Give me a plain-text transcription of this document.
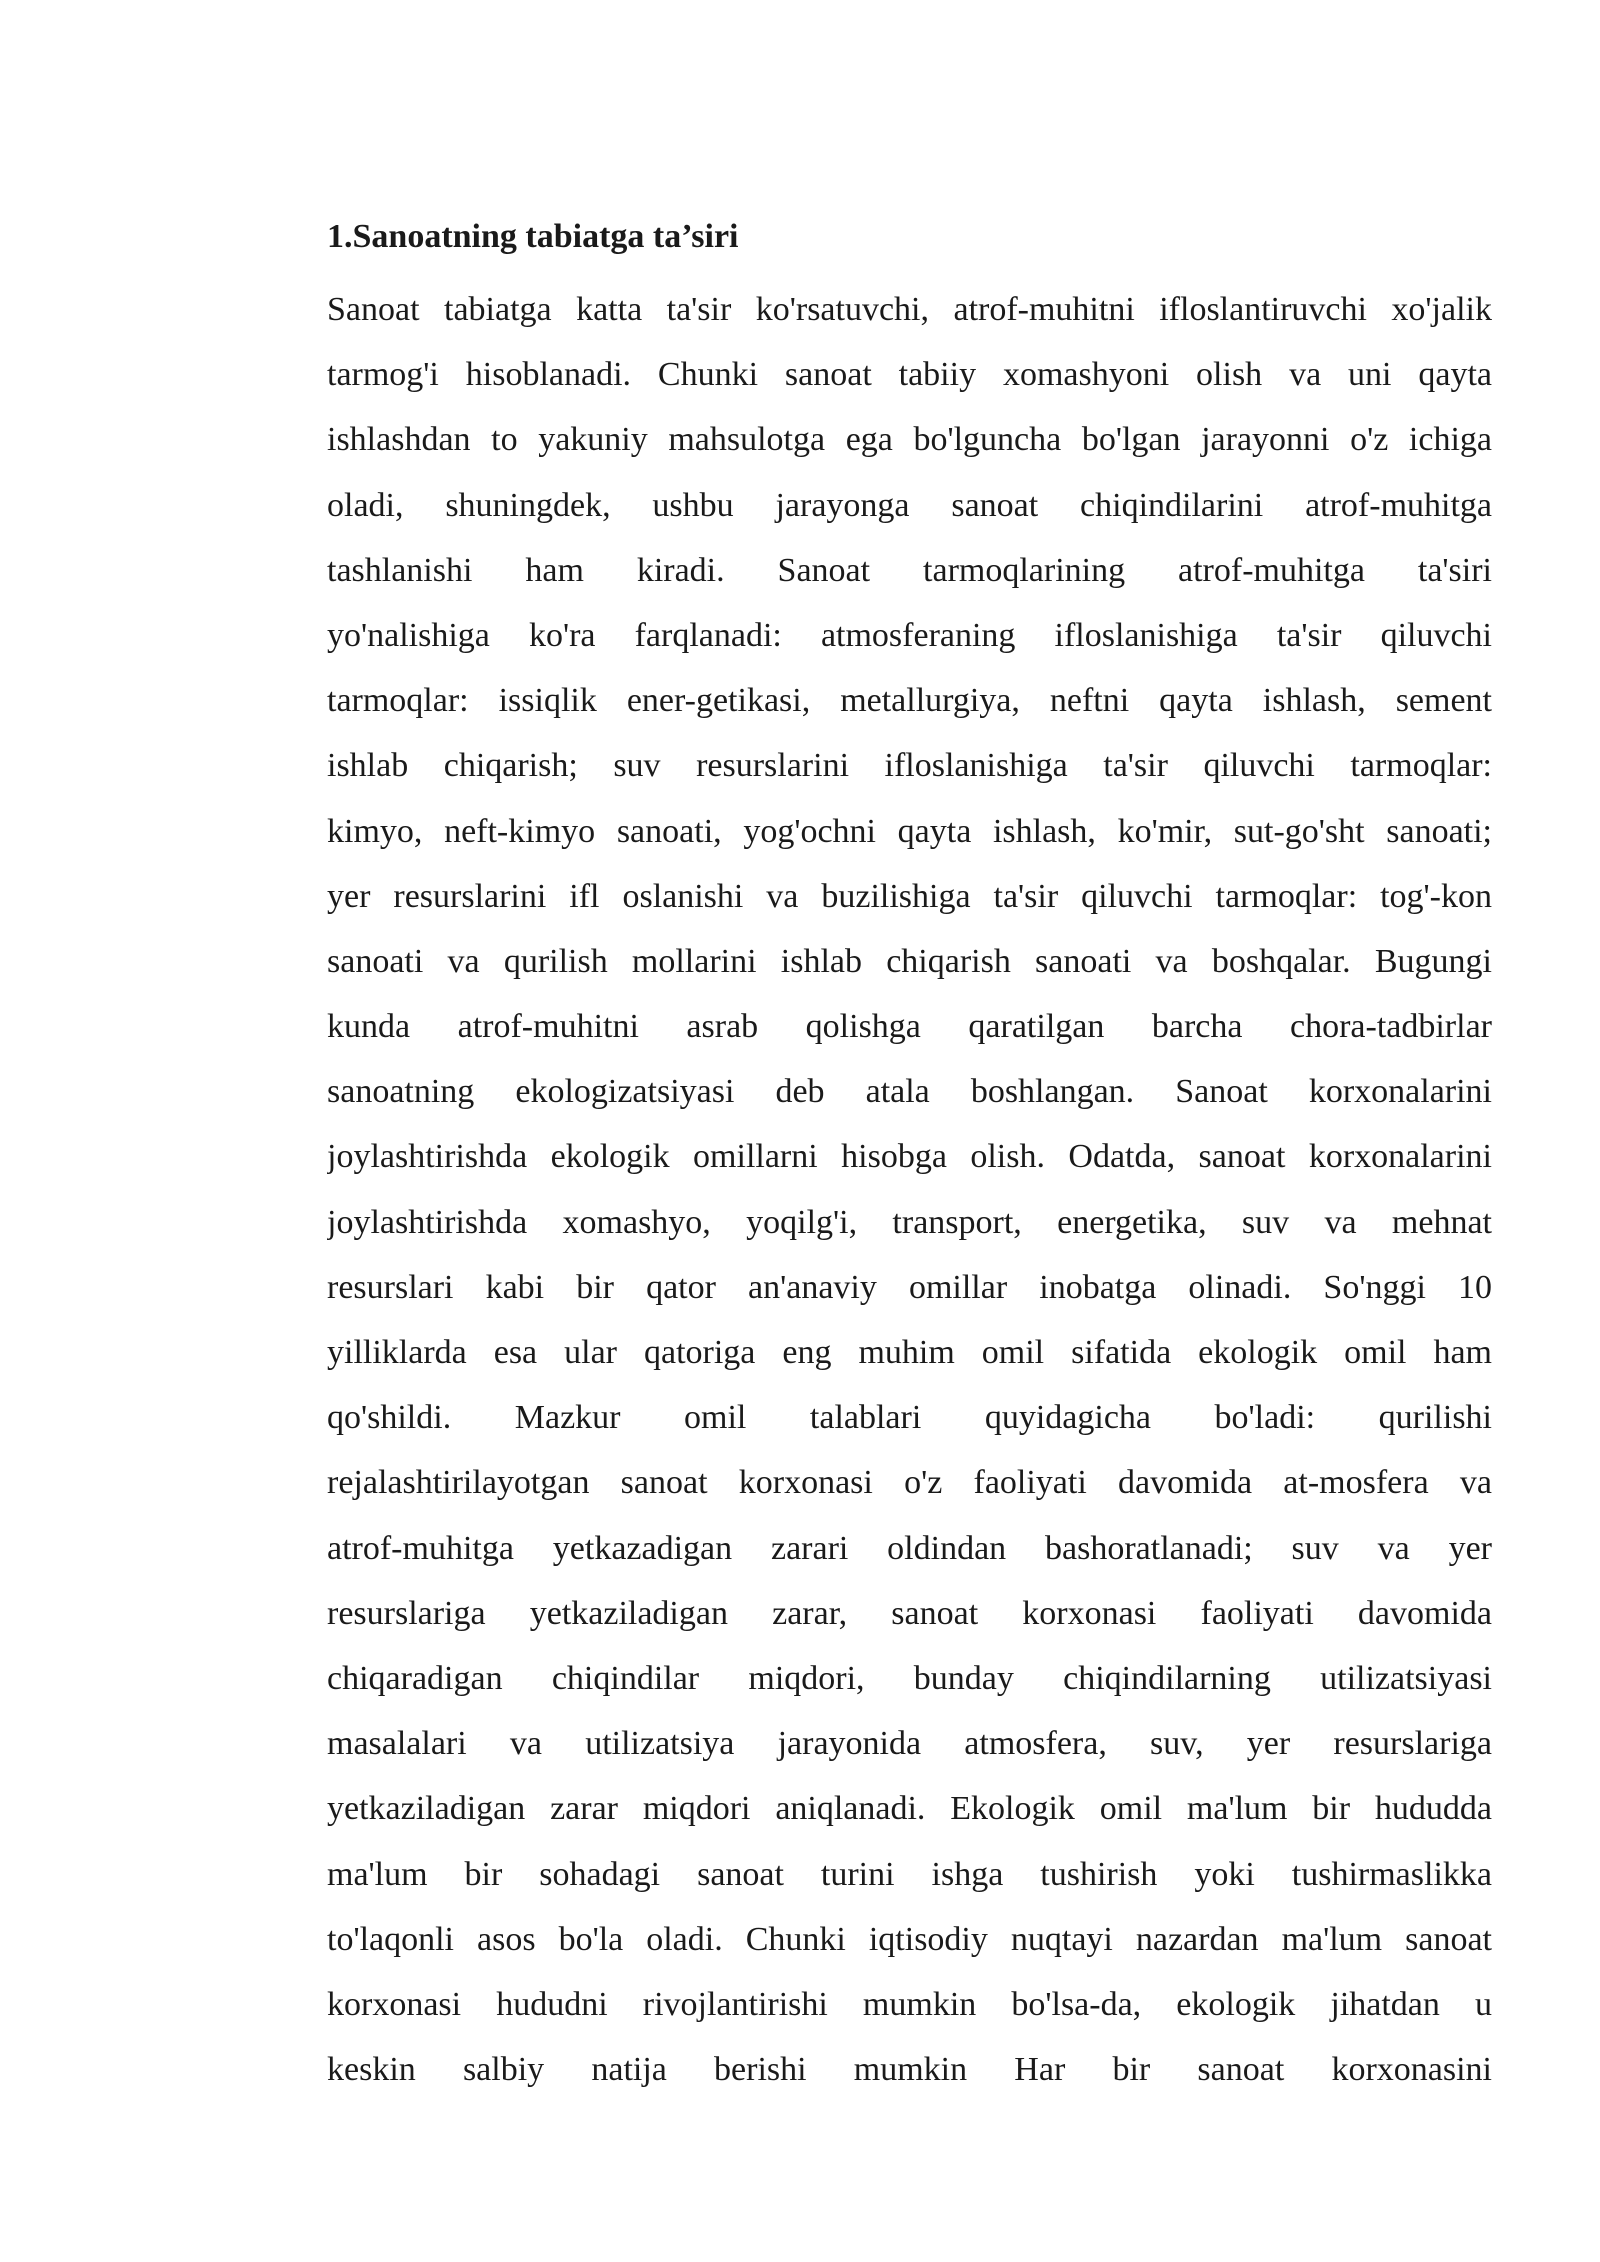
1.Sanoatning tabiatga ta’siri
Sanoat tabiatga katta ta'sir ko'rsatuvchi, atrof-muhitni ifloslantiruvchi xo'jalik
tarmog'i hisoblanadi. Chunki sanoat tabiiy xomashyoni olish va uni qayta
ishlashdan to yakuniy mahsulotga ega bo'lguncha bo'lgan jarayonni o'z ichiga
oladi, shuningdek, ushbu jarayonga sanoat chiqindilarini atrof-muhitga
tashlanishi ham kiradi. Sanoat tarmoqlarining atrof-muhitga ta'siri
yo'nalishiga ko'ra farqlanadi: atmosferaning ifloslanishiga ta'sir qiluvchi
tarmoqlar: issiqlik ener-getikasi, metallurgiya, neftni qayta ishlash, sement
ishlab chiqarish; suv resurslarini ifloslanishiga ta'sir qiluvchi tarmoqlar:
kimyo, neft-kimyo sanoati, yog'ochni qayta ishlash, ko'mir, sut-go'sht sanoati;
yer resurslarini ifl oslanishi va buzilishiga ta'sir qiluvchi tarmoqlar: tog'-kon
sanoati va qurilish mollarini ishlab chiqarish sanoati va boshqalar. Bugungi
kunda atrof-muhitni asrab qolishga qaratilgan barcha chora-tadbirlar
sanoatning ekologizatsiyasi deb atala boshlangan. Sanoat korxonalarini
joylashtirishda ekologik omillarni hisobga olish. Odatda, sanoat korxonalarini
joylashtirishda xomashyo, yoqilg'i, transport, energetika, suv va mehnat
resurslari kabi bir qator an'anaviy omillar inobatga olinadi. So'nggi 10
yilliklarda esa ular qatoriga eng muhim omil sifatida ekologik omil ham
qo'shildi. Mazkur omil talablari quyidagicha bo'ladi: qurilishi
rejalashtirilayotgan sanoat korxonasi o'z faoliyati davomida at-mosfera va
atrof-muhitga yetkazadigan zarari oldindan bashoratlanadi; suv va yer
resurslariga yetkaziladigan zarar, sanoat korxonasi faoliyati davomida
chiqaradigan chiqindilar miqdori, bunday chiqindilarning utilizatsiyasi
masalalari va utilizatsiya jarayonida atmosfera, suv, yer resurslariga
yetkaziladigan zarar miqdori aniqlanadi. Ekologik omil ma'lum bir hududda
ma'lum bir sohadagi sanoat turini ishga tushirish yoki tushirmaslikka
to'laqonli asos bo'la oladi. Chunki iqtisodiy nuqtayi nazardan ma'lum sanoat
korxonasi hududni rivojlantirishi mumkin bo'lsa-da, ekologik jihatdan u
keskin salbiy natija berishi mumkin Har bir sanoat korxonasini
